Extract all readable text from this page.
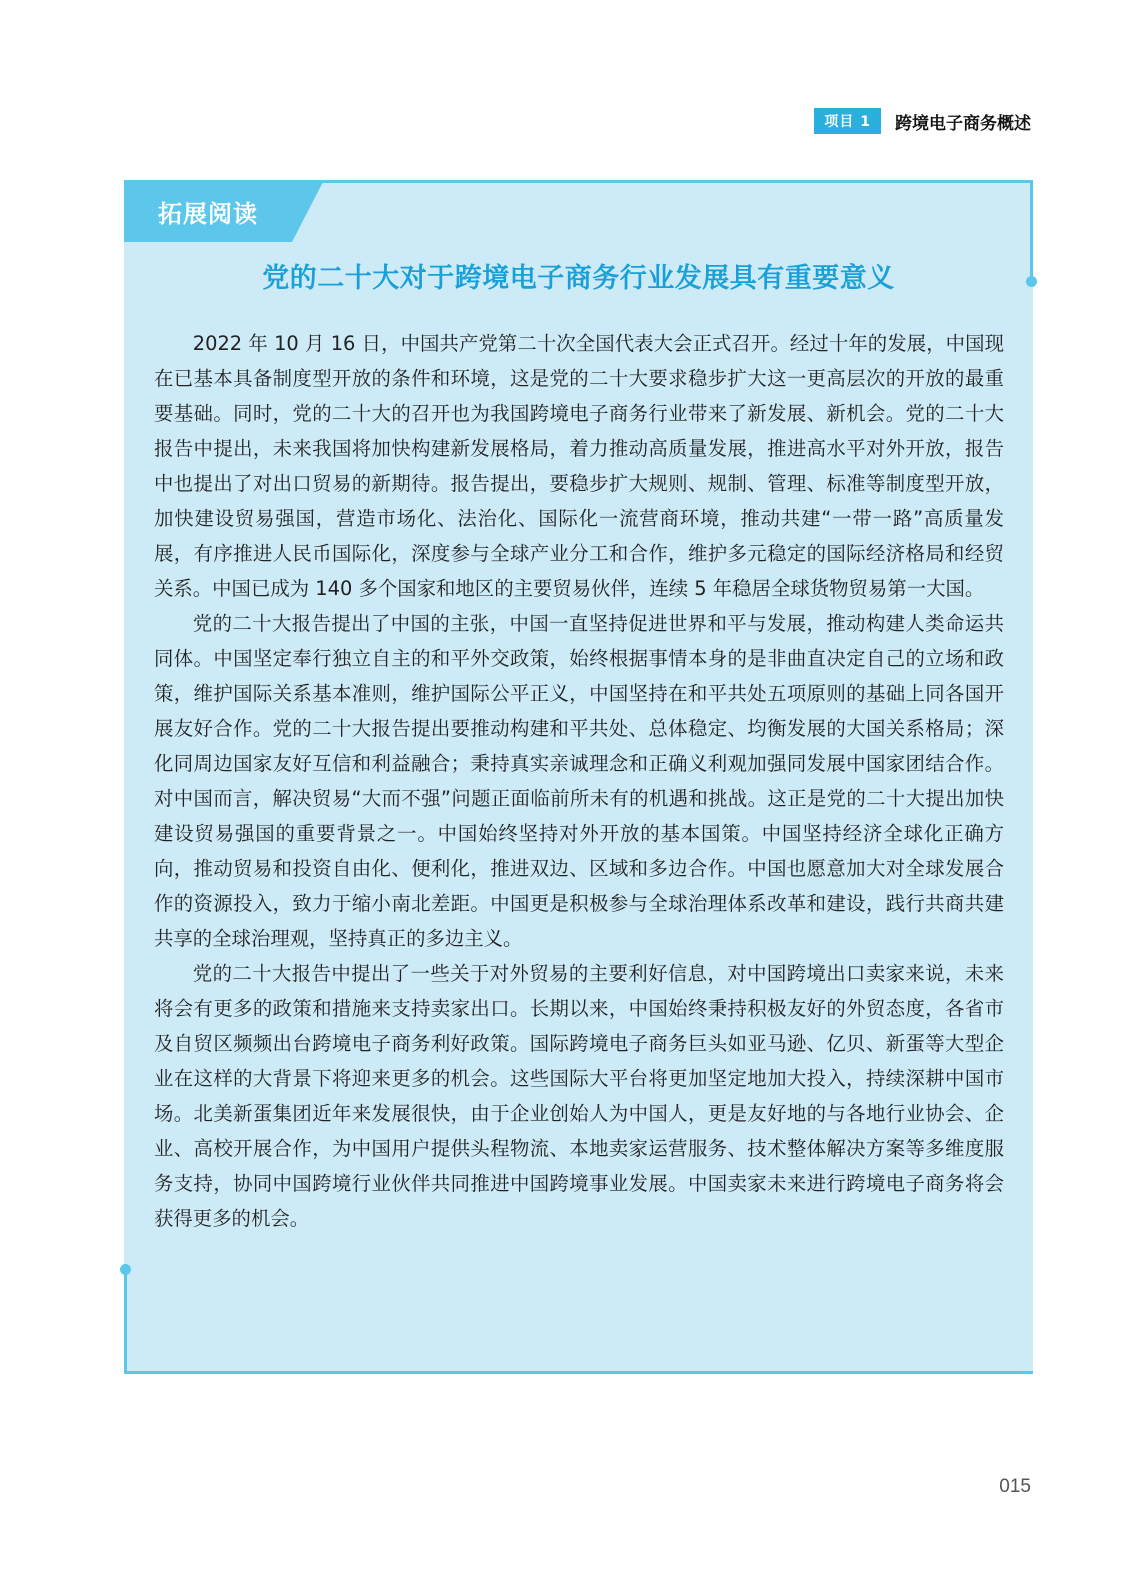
项目 1	跨境电子商务概述
拓展阅读
党的二十大对于跨境电子商务行业发展具有重要意义

2022 年 10 月 16 日，中国共产党第二十次全国代表大会正式召开。经过十年的发展，中国现在已基本具备制度型开放的条件和环境，这是党的二十大要求稳步扩大这一更高层次的开放的最重要基础。同时，党的二十大的召开也为我国跨境电子商务行业带来了新发展、新机会。党的二十大报告中提出，未来我国将加快构建新发展格局，着力推动高质量发展，推进高水平对外开放，报告中也提出了对出口贸易的新期待。报告提出，要稳步扩大规则、规制、管理、标准等制度型开放，加快建设贸易强国，营造市场化、法治化、国际化一流营商环境，推动共建“一带一路”高质量发展，有序推进人民币国际化，深度参与全球产业分工和合作，维护多元稳定的国际经济格局和经贸关系。中国已成为 140 多个国家和地区的主要贸易伙伴，连续 5 年稳居全球货物贸易第一大国。

党的二十大报告提出了中国的主张，中国一直坚持促进世界和平与发展，推动构建人类命运共同体。中国坚定奉行独立自主的和平外交政策，始终根据事情本身的是非曲直决定自己的立场和政策，维护国际关系基本准则，维护国际公平正义，中国坚持在和平共处五项原则的基础上同各国开展友好合作。党的二十大报告提出要推动构建和平共处、总体稳定、均衡发展的大国关系格局；深化同周边国家友好互信和利益融合；秉持真实亲诚理念和正确义利观加强同发展中国家团结合作。对中国而言，解决贸易“大而不强”问题正面临前所未有的机遇和挑战。这正是党的二十大提出加快建设贸易强国的重要背景之一。中国始终坚持对外开放的基本国策。中国坚持经济全球化正确方向，推动贸易和投资自由化、便利化，推进双边、区域和多边合作。中国也愿意加大对全球发展合作的资源投入，致力于缩小南北差距。中国更是积极参与全球治理体系改革和建设，践行共商共建共享的全球治理观，坚持真正的多边主义。

党的二十大报告中提出了一些关于对外贸易的主要利好信息，对中国跨境出口卖家来说，未来将会有更多的政策和措施来支持卖家出口。长期以来，中国始终秉持积极友好的外贸态度，各省市及自贸区频频出台跨境电子商务利好政策。国际跨境电子商务巨头如亚马逊、亿贝、新蛋等大型企业在这样的大背景下将迎来更多的机会。这些国际大平台将更加坚定地加大投入，持续深耕中国市场。北美新蛋集团近年来发展很快，由于企业创始人为中国人，更是友好地的与各地行业协会、企业、高校开展合作，为中国用户提供头程物流、本地卖家运营服务、技术整体解决方案等多维度服务支持，协同中国跨境行业伙伴共同推进中国跨境事业发展。中国卖家未来进行跨境电子商务将会获得更多的机会。

015
